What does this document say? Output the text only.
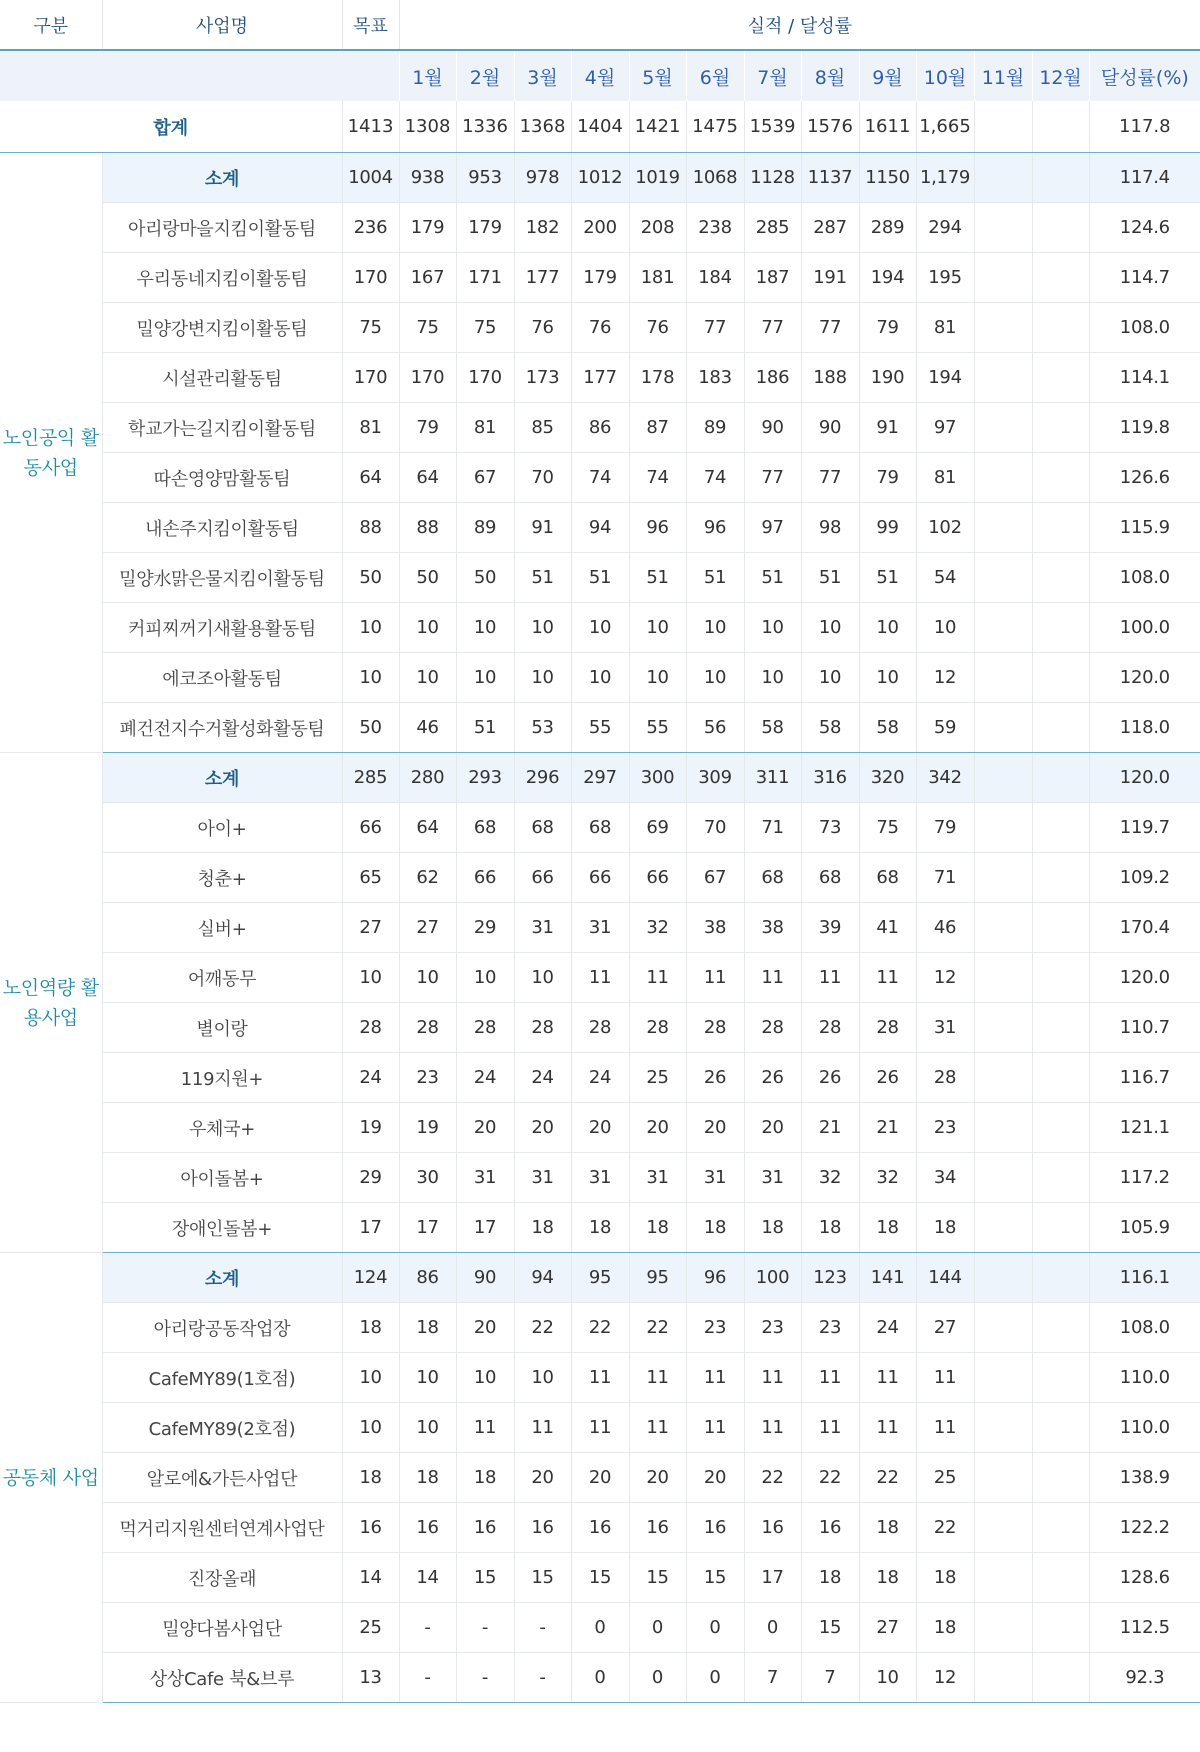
구분	사업명	목표	실적 / 달성률												
			1월	2월	3월	4월	5월	6월	7월	8월	9월	10월	11월	12월	달성률(%)
합계		1413	1308	1336	1368	1404	1421	1475	1539	1576	1611	1,665			117.8
노인공익 활동사업	소계	1004	938	953	978	1012	1019	1068	1128	1137	1150	1,179			117.4
	아리랑마을지킴이활동팀	236	179	179	182	200	208	238	285	287	289	294			124.6
	우리동네지킴이활동팀	170	167	171	177	179	181	184	187	191	194	195			114.7
	밀양강변지킴이활동팀	75	75	75	76	76	76	77	77	77	79	81			108.0
	시설관리활동팀	170	170	170	173	177	178	183	186	188	190	194			114.1
	학교가는길지킴이활동팀	81	79	81	85	86	87	89	90	90	91	97			119.8
	따손영양맘활동팀	64	64	67	70	74	74	74	77	77	79	81			126.6
	내손주지킴이활동팀	88	88	89	91	94	96	96	97	98	99	102			115.9
	밀양水맑은물지킴이활동팀	50	50	50	51	51	51	51	51	51	51	54			108.0
	커피찌꺼기새활용활동팀	10	10	10	10	10	10	10	10	10	10	10			100.0
	에코조아활동팀	10	10	10	10	10	10	10	10	10	10	12			120.0
	폐건전지수거활성화활동팀	50	46	51	53	55	55	56	58	58	58	59			118.0
노인역량 활용사업	소계	285	280	293	296	297	300	309	311	316	320	342			120.0
	아이+	66	64	68	68	68	69	70	71	73	75	79			119.7
	청춘+	65	62	66	66	66	66	67	68	68	68	71			109.2
	실버+	27	27	29	31	31	32	38	38	39	41	46			170.4
	어깨동무	10	10	10	10	11	11	11	11	11	11	12			120.0
	별이랑	28	28	28	28	28	28	28	28	28	28	31			110.7
	119지원+	24	23	24	24	24	25	26	26	26	26	28			116.7
	우체국+	19	19	20	20	20	20	20	20	21	21	23			121.1
	아이돌봄+	29	30	31	31	31	31	31	31	32	32	34			117.2
	장애인돌봄+	17	17	17	18	18	18	18	18	18	18	18			105.9
공동체 사업	소계	124	86	90	94	95	95	96	100	123	141	144			116.1
	아리랑공동작업장	18	18	20	22	22	22	23	23	23	24	27			108.0
	CafeMY89(1호점)	10	10	10	10	11	11	11	11	11	11	11			110.0
	CafeMY89(2호점)	10	10	11	11	11	11	11	11	11	11	11			110.0
	알로에&가든사업단	18	18	18	20	20	20	20	22	22	22	25			138.9
	먹거리지원센터연계사업단	16	16	16	16	16	16	16	16	16	18	22			122.2
	진장올래	14	14	15	15	15	15	15	17	18	18	18			128.6
	밀양다봄사업단	25	-	-	-	0	0	0	0	15	27	18			112.5
	상상Cafe 북&브루	13	-	-	-	0	0	0	7	7	10	12			92.3
